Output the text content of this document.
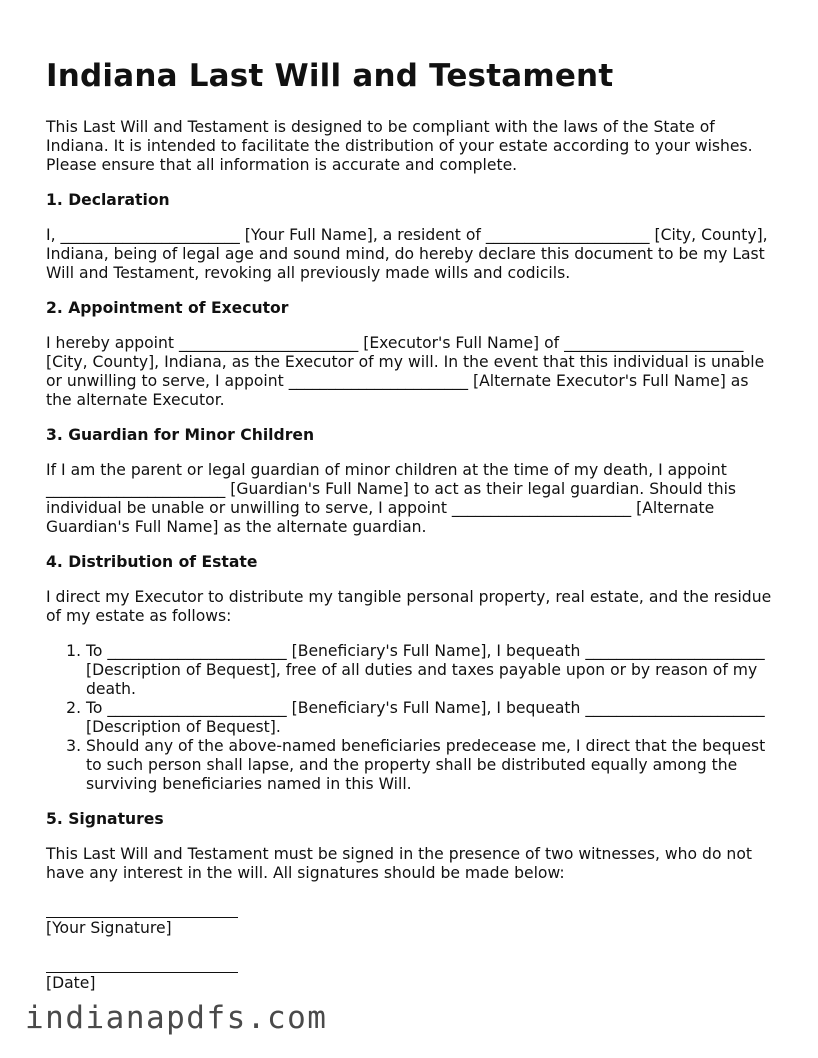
Indiana Last Will and Testament

This Last Will and Testament is designed to be compliant with the laws of the State of Indiana. It is intended to facilitate the distribution of your estate according to your wishes. Please ensure that all information is accurate and complete.

1. Declaration

I, _______________________ [Your Full Name], a resident of _____________________ [City, County], Indiana, being of legal age and sound mind, do hereby declare this document to be my Last Will and Testament, revoking all previously made wills and codicils.

2. Appointment of Executor

I hereby appoint _______________________ [Executor's Full Name] of _______________________ [City, County], Indiana, as the Executor of my will. In the event that this individual is unable or unwilling to serve, I appoint _______________________ [Alternate Executor's Full Name] as the alternate Executor.

3. Guardian for Minor Children

If I am the parent or legal guardian of minor children at the time of my death, I appoint _______________________ [Guardian's Full Name] to act as their legal guardian. Should this individual be unable or unwilling to serve, I appoint _______________________ [Alternate Guardian's Full Name] as the alternate guardian.

4. Distribution of Estate

I direct my Executor to distribute my tangible personal property, real estate, and the residue of my estate as follows:

1. To _______________________ [Beneficiary's Full Name], I bequeath _______________________ [Description of Bequest], free of all duties and taxes payable upon or by reason of my death.
2. To _______________________ [Beneficiary's Full Name], I bequeath _______________________ [Description of Bequest].
3. Should any of the above-named beneficiaries predecease me, I direct that the bequest to such person shall lapse, and the property shall be distributed equally among the surviving beneficiaries named in this Will.
5. Signatures

This Last Will and Testament must be signed in the presence of two witnesses, who do not have any interest in the will. All signatures should be made below:

[Your Signature]
[Date]
indianapdfs.com
